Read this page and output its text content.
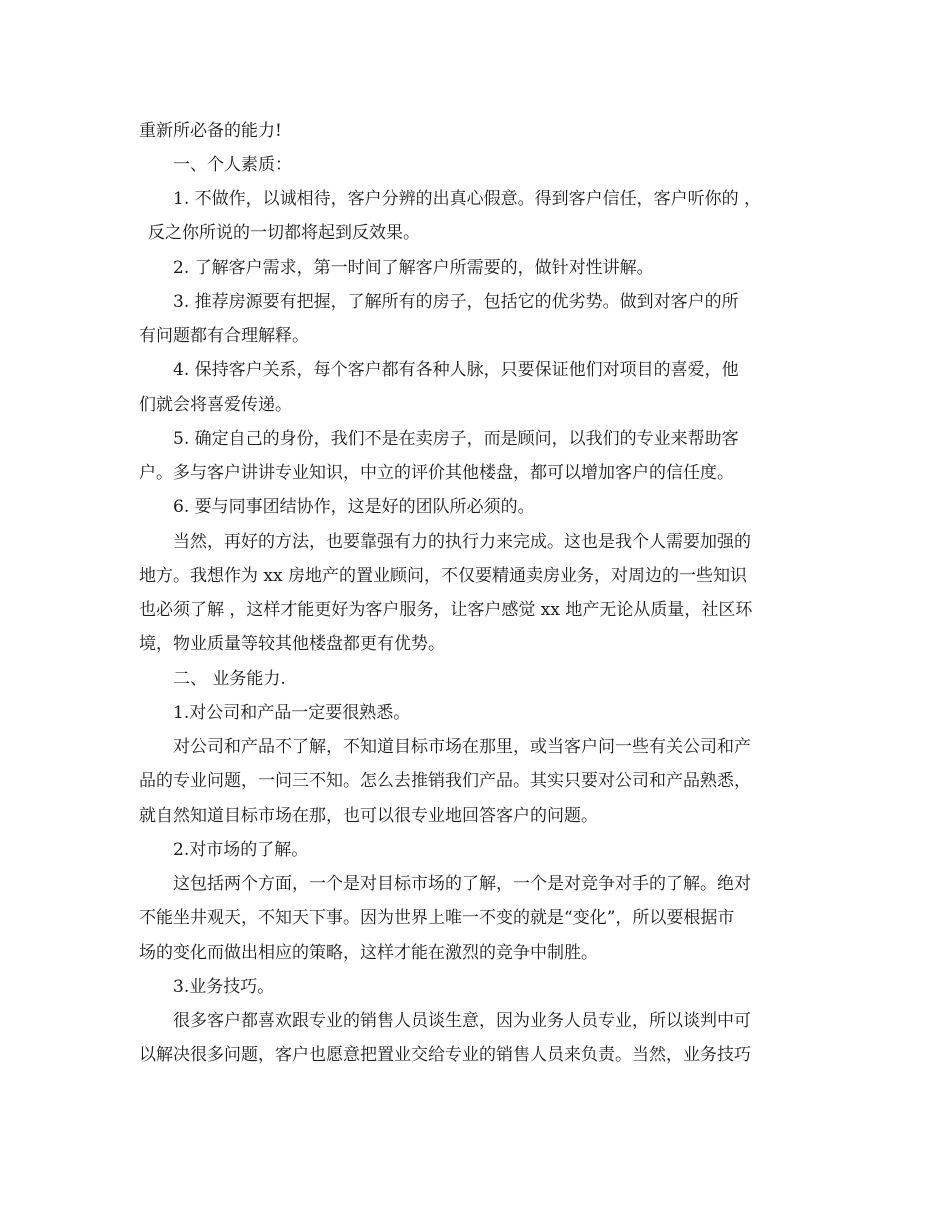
重新所必备的能力!
一、个人素质：
1. 不做作，以诚相待，客户分辨的出真心假意。得到客户信任，客户听你的 ，
反之你所说的一切都将起到反效果。
2. 了解客户需求，第一时间了解客户所需要的，做针对性讲解。
3. 推荐房源要有把握，了解所有的房子，包括它的优劣势。做到对客户的所
有问题都有合理解释。
4. 保持客户关系，每个客户都有各种人脉，只要保证他们对项目的喜爱，他
们就会将喜爱传递。
5. 确定自己的身份，我们不是在卖房子，而是顾问，以我们的专业来帮助客
户。多与客户讲讲专业知识，中立的评价其他楼盘，都可以增加客户的信任度。
6. 要与同事团结协作，这是好的团队所必须的。
当然，再好的方法，也要靠强有力的执行力来完成。这也是我个人需要加强的
地方。我想作为 xx 房地产的置业顾问，不仅要精通卖房业务，对周边的一些知识
也必须了解 ，这样才能更好为客户服务，让客户感觉 xx 地产无论从质量，社区环
境，物业质量等较其他楼盘都更有优势。
二、 业务能力.
1.对公司和产品一定要很熟悉。
对公司和产品不了解，不知道目标市场在那里，或当客户问一些有关公司和产
品的专业问题，一问三不知。怎么去推销我们产品。其实只要对公司和产品熟悉，
就自然知道目标市场在那，也可以很专业地回答客户的问题。
2.对市场的了解。
这包括两个方面，一个是对目标市场的了解，一个是对竞争对手的了解。绝对
不能坐井观天，不知天下事。因为世界上唯一不变的就是“变化”，所以要根据市
场的变化而做出相应的策略，这样才能在激烈的竞争中制胜。
3.业务技巧。
很多客户都喜欢跟专业的销售人员谈生意，因为业务人员专业，所以谈判中可
以解决很多问题，客户也愿意把置业交给专业的销售人员来负责。当然，业务技巧
